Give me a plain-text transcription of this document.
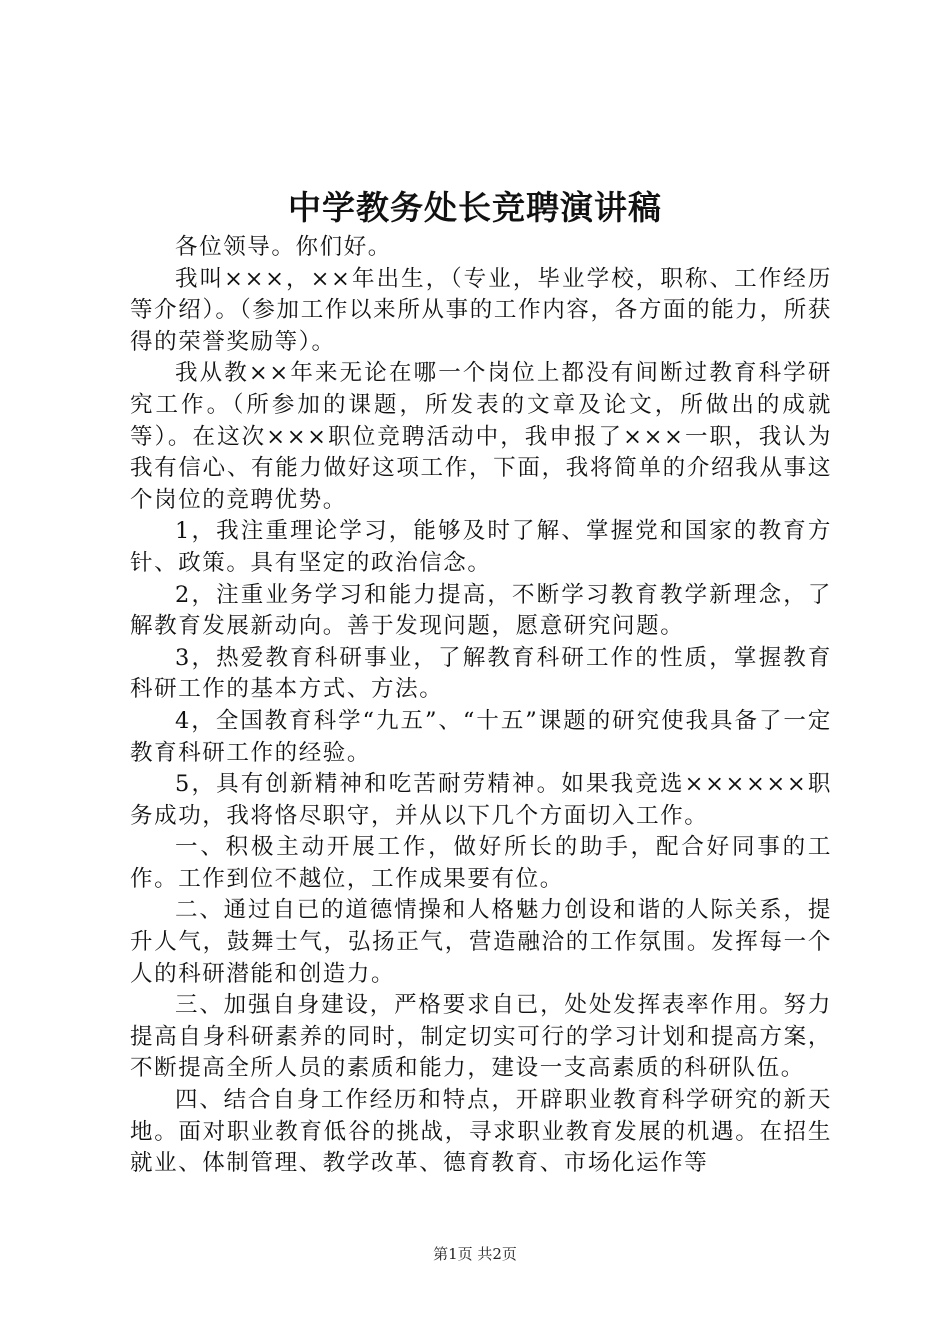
中学教务处长竞聘演讲稿

各位领导。你们好。

我叫×××，××年出生，（专业，毕业学校，职称、工作经历等介绍）。（参加工作以来所从事的工作内容，各方面的能力，所获得的荣誉奖励等）。

我从教××年来无论在哪一个岗位上都没有间断过教育科学研究工作。（所参加的课题，所发表的文章及论文，所做出的成就等）。在这次×××职位竞聘活动中，我申报了×××一职，我认为我有信心、有能力做好这项工作，下面，我将简单的介绍我从事这个岗位的竞聘优势。

1，我注重理论学习，能够及时了解、掌握党和国家的教育方针、政策。具有坚定的政治信念。

2，注重业务学习和能力提高，不断学习教育教学新理念，了解教育发展新动向。善于发现问题，愿意研究问题。

3，热爱教育科研事业，了解教育科研工作的性质，掌握教育科研工作的基本方式、方法。

4，全国教育科学“九五”、“十五”课题的研究使我具备了一定教育科研工作的经验。

5，具有创新精神和吃苦耐劳精神。如果我竞选××××××职务成功，我将恪尽职守，并从以下几个方面切入工作。

一、积极主动开展工作，做好所长的助手，配合好同事的工作。工作到位不越位，工作成果要有位。

二、通过自已的道德情操和人格魅力创设和谐的人际关系，提升人气，鼓舞士气，弘扬正气，营造融洽的工作氛围。发挥每一个人的科研潜能和创造力。

三、加强自身建设，严格要求自已，处处发挥表率作用。努力提高自身科研素养的同时，制定切实可行的学习计划和提高方案，不断提高全所人员的素质和能力，建设一支高素质的科研队伍。

四、结合自身工作经历和特点，开辟职业教育科学研究的新天地。面对职业教育低谷的挑战，寻求职业教育发展的机遇。在招生就业、体制管理、教学改革、德育教育、市场化运作等

第1页 共2页
